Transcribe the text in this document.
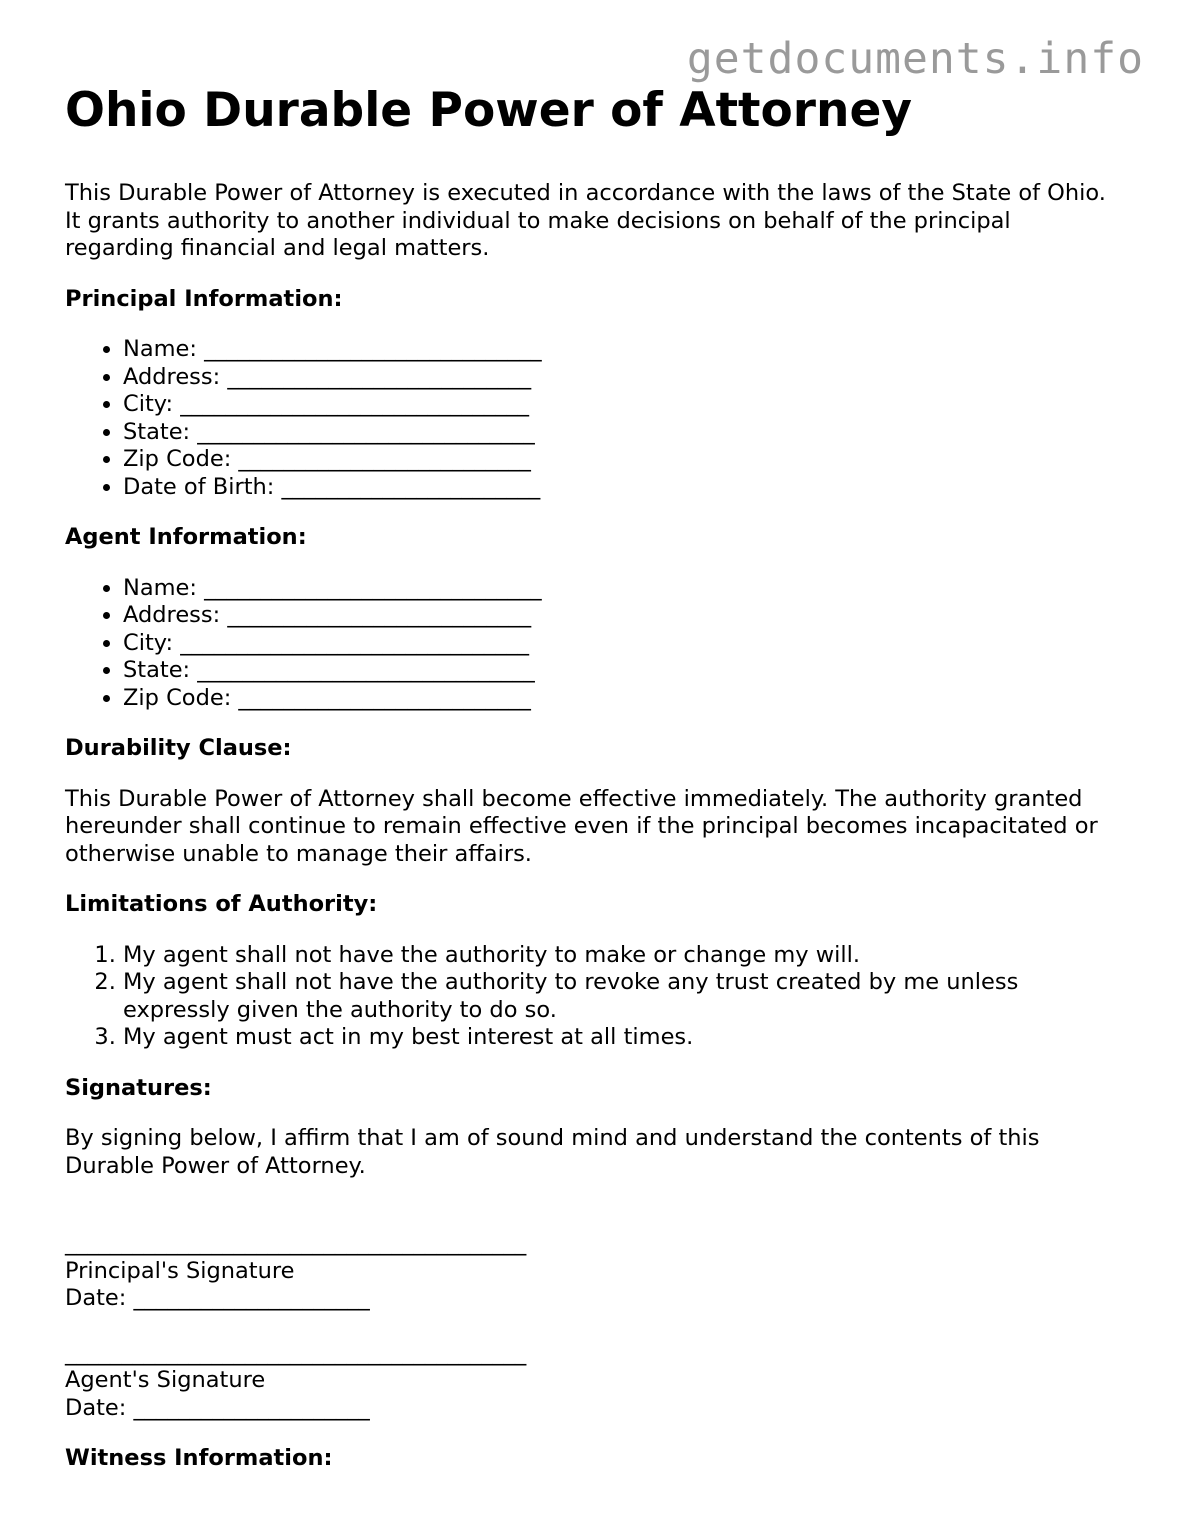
getdocuments.info
Ohio Durable Power of Attorney

This Durable Power of Attorney is executed in accordance with the laws of the State of Ohio. It grants authority to another individual to make decisions on behalf of the principal regarding financial and legal matters.

Principal Information:
• Name: ______________________________
• Address: ___________________________
• City: _______________________________
• State: ______________________________
• Zip Code: __________________________
• Date of Birth: _______________________
Agent Information:
• Name: ______________________________
• Address: ___________________________
• City: _______________________________
• State: ______________________________
• Zip Code: __________________________
Durability Clause:

This Durable Power of Attorney shall become effective immediately. The authority granted hereunder shall continue to remain effective even if the principal becomes incapacitated or otherwise unable to manage their affairs.

Limitations of Authority:
1. My agent shall not have the authority to make or change my will.
2. My agent shall not have the authority to revoke any trust created by me unless expressly given the authority to do so.
3. My agent must act in my best interest at all times.
Signatures:

By signing below, I affirm that I am of sound mind and understand the contents of this Durable Power of Attorney.

_________________________________________
Principal's Signature
Date: _____________________
_________________________________________
Agent's Signature
Date: _____________________
Witness Information:
